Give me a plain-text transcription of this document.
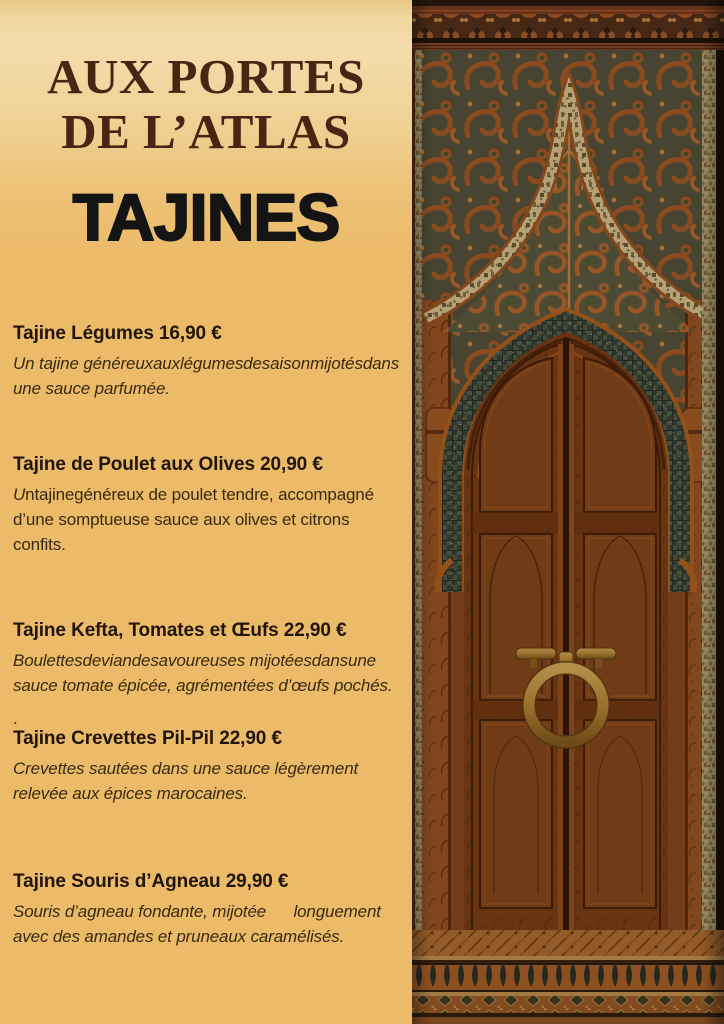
AUX PORTES
DE L’ATLAS
TAJINES

Tajine Légumes 16,90 €

Un tajine généreuxauxlégumesdesaisonmijotésdans une sauce parfumée.

Tajine de Poulet aux Olives 20,90 €

Untajinegénéreux de poulet tendre, accompagné d’une somptueuse sauce aux olives et citrons confits.

Tajine Kefta, Tomates et Œufs 22,90 €

Boulettesdeviandesavoureuses mijotéesdansune sauce tomate épicée, agrémentées d’œufs pochés.

.

Tajine Crevettes Pil-Pil 22,90 €

Crevettes sautées dans une sauce légèrement relevée aux épices marocaines.

Tajine Souris d’Agneau 29,90 €

Souris d’agneau fondante, mijotée      longuement avec des amandes et pruneaux caramélisés.
